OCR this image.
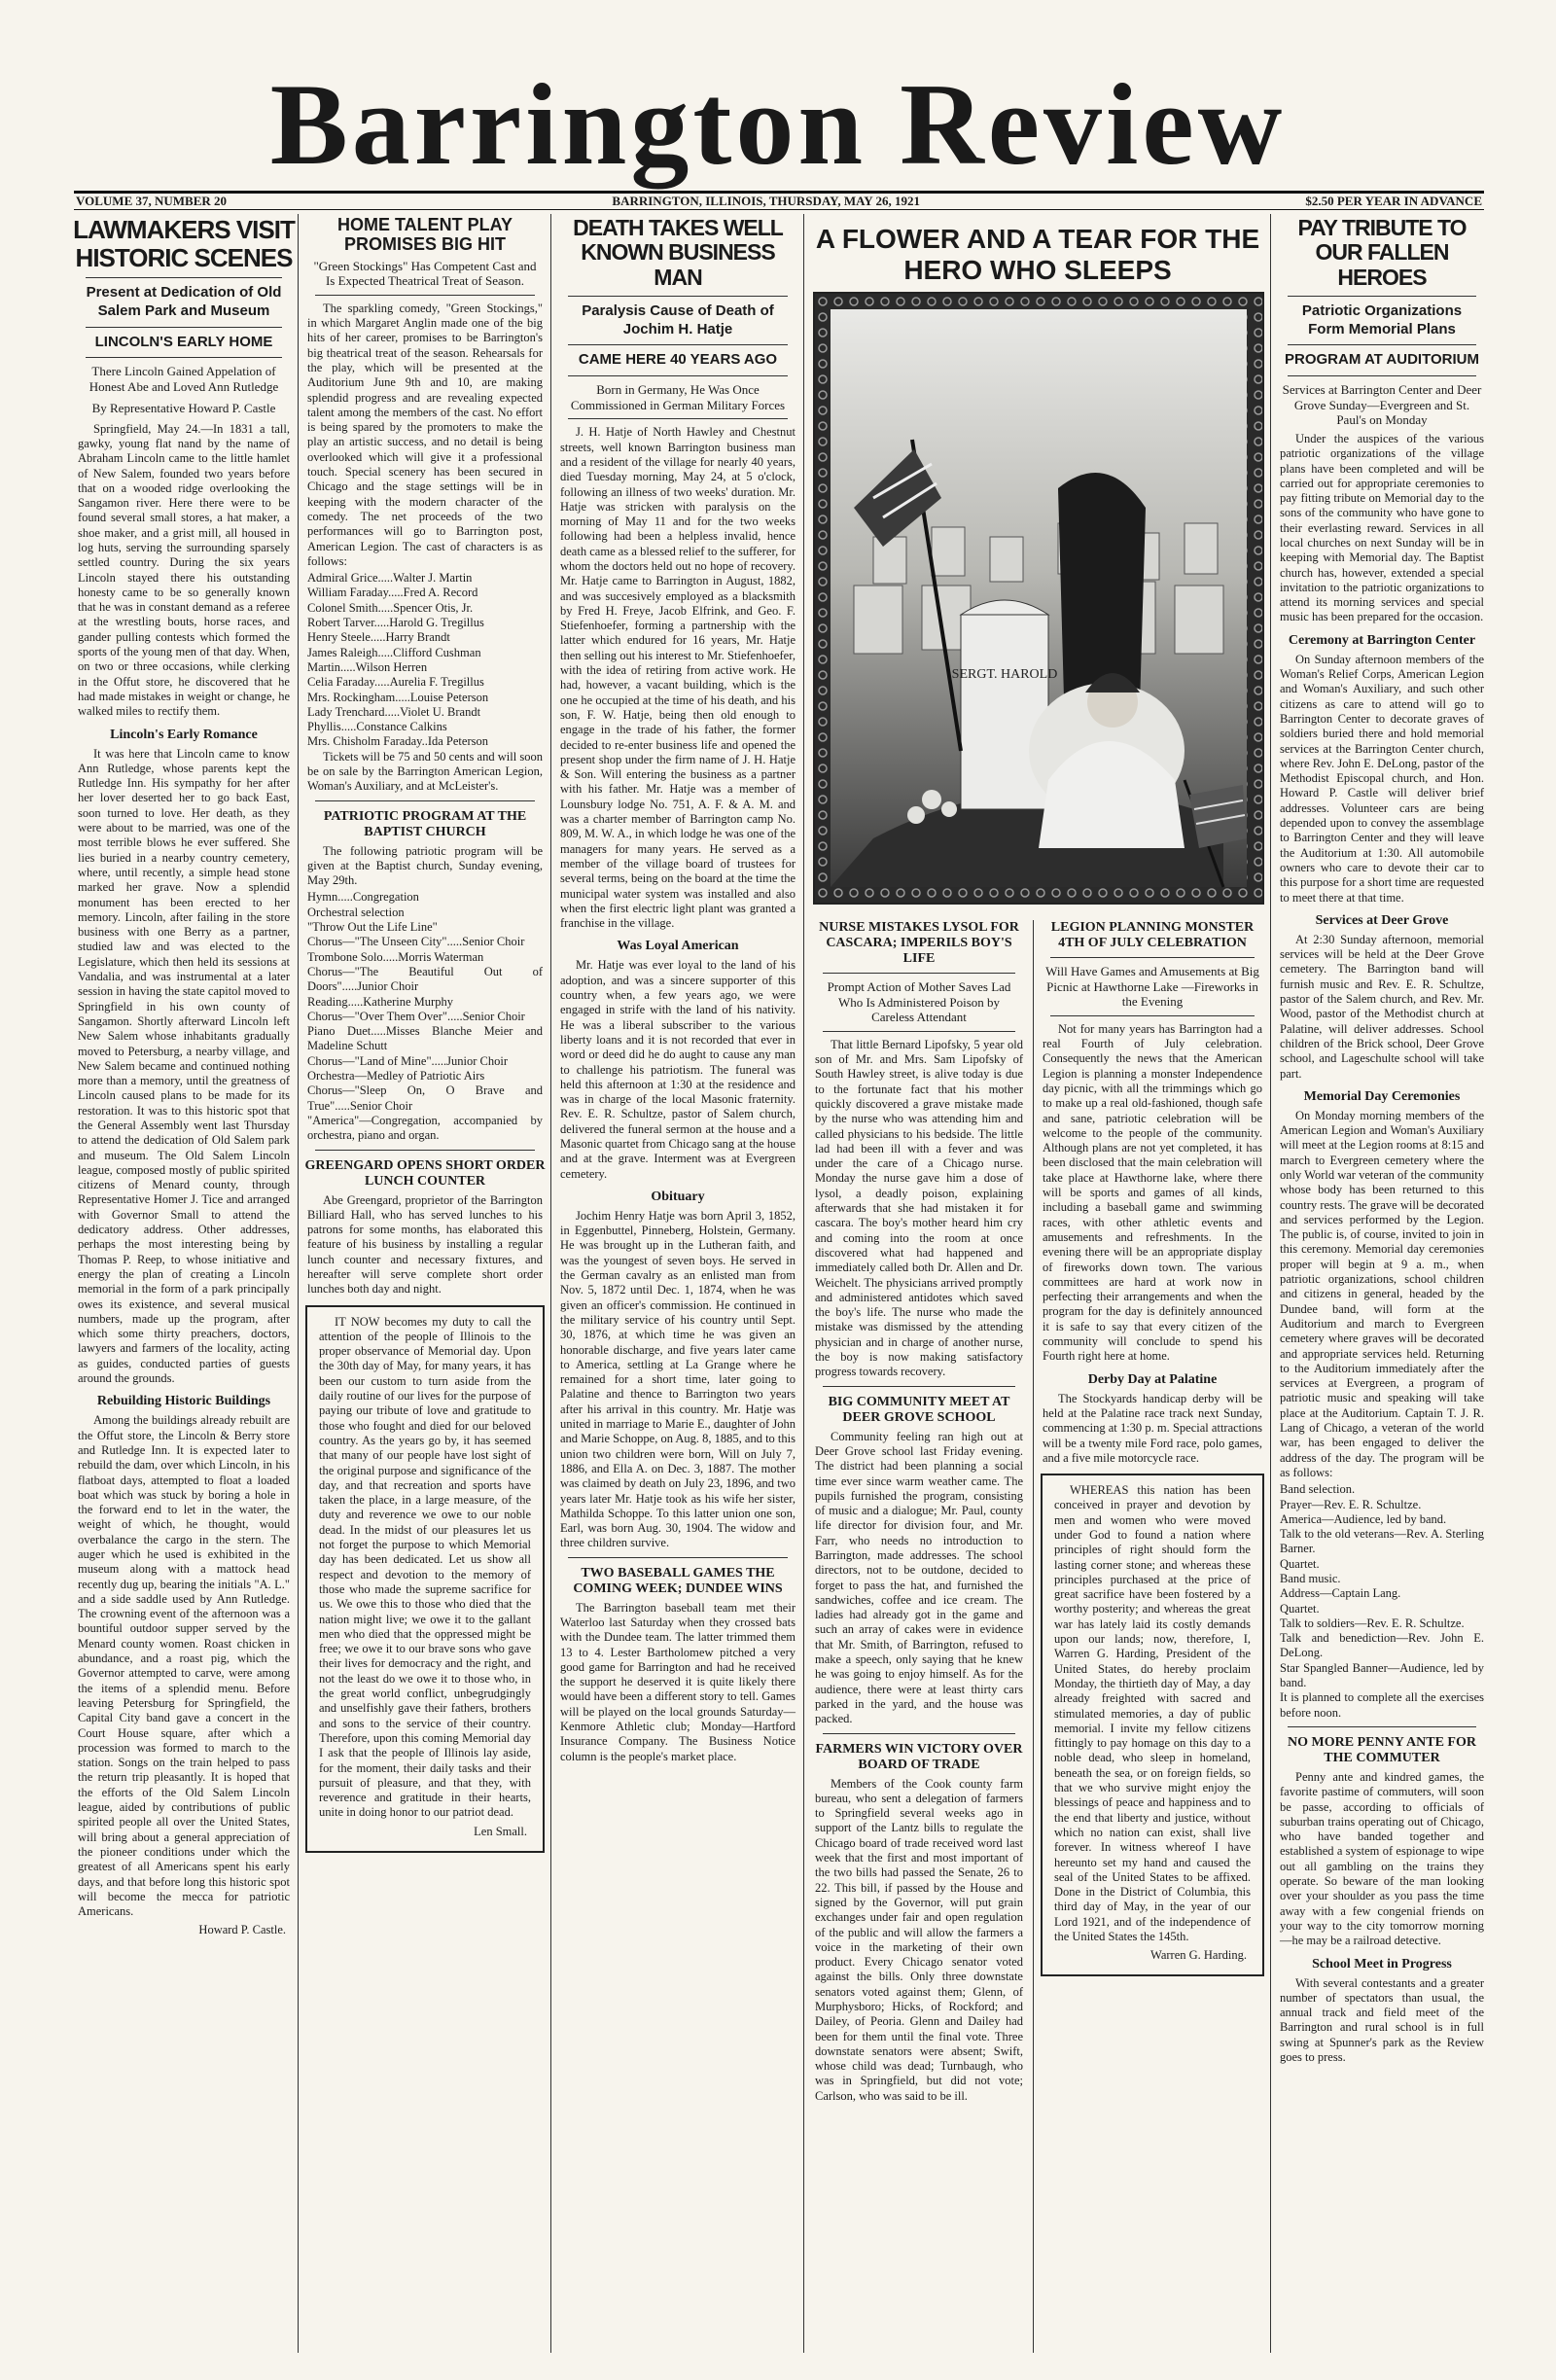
Barrington Review
VOLUME 37, NUMBER 20	BARRINGTON, ILLINOIS, THURSDAY, MAY 26, 1921	$2.50 PER YEAR IN ADVANCE
LAWMAKERS VISIT HISTORIC SCENES
Present at Dedication of Old Salem Park and Museum
LINCOLN'S EARLY HOME
There Lincoln Gained Appelation of Honest Abe and Loved Ann Rutledge
By Representative Howard P. Castle

Springfield, May 24.—In 1831 a tall, gawky, young flat nand by the name of Abraham Lincoln came to the little hamlet of New Salem, founded two years before that on a wooded ridge overlooking the Sangamon river. Here there were to be found several small stores, a hat maker, a shoe maker, and a grist mill, all housed in log huts, serving the surrounding sparsely settled country. During the six years Lincoln stayed there his outstanding honesty came to be so generally known that he was in constant demand as a referee at the wrestling bouts, horse races, and gander pulling contests which formed the sports of the young men of that day. When, on two or three occasions, while clerking in the Offut store, he discovered that he had made mistakes in weight or change, he walked miles to rectify them.

Lincoln's Early Romance

It was here that Lincoln came to know Ann Rutledge, whose parents kept the Rutledge Inn. His sympathy for her after her lover deserted her to go back East, soon turned to love. Her death, as they were about to be married, was one of the most terrible blows he ever suffered. She lies buried in a nearby country cemetery, where, until recently, a simple head stone marked her grave. Now a splendid monument has been erected to her memory. Lincoln, after failing in the store business with one Berry as a partner, studied law and was elected to the Legislature, which then held its sessions at Vandalia, and was instrumental at a later session in having the state capitol moved to Springfield in his own county of Sangamon. Shortly afterward Lincoln left New Salem whose inhabitants gradually moved to Petersburg, a nearby village, and New Salem became and continued nothing more than a memory, until the greatness of Lincoln caused plans to be made for its restoration. It was to this historic spot that the General Assembly went last Thursday to attend the dedication of Old Salem park and museum. The Old Salem Lincoln league, composed mostly of public spirited citizens of Menard county, through Representative Homer J. Tice and arranged with Governor Small to attend the dedicatory address. Other addresses, perhaps the most interesting being by Thomas P. Reep, to whose initiative and energy the plan of creating a Lincoln memorial in the form of a park principally owes its existence, and several musical numbers, made up the program, after which some thirty preachers, doctors, lawyers and farmers of the locality, acting as guides, conducted parties of guests around the grounds.

Rebuilding Historic Buildings

Among the buildings already rebuilt are the Offut store, the Lincoln & Berry store and Rutledge Inn. It is expected later to rebuild the dam, over which Lincoln, in his flatboat days, attempted to float a loaded boat which was stuck by boring a hole in the forward end to let in the water, the weight of which, he thought, would overbalance the cargo in the stern. The auger which he used is exhibited in the museum along with a mattock head recently dug up, bearing the initials "A. L." and a side saddle used by Ann Rutledge. The crowning event of the afternoon was a bountiful outdoor supper served by the Menard county women. Roast chicken in abundance, and a roast pig, which the Governor attempted to carve, were among the items of a splendid menu. Before leaving Petersburg for Springfield, the Capital City band gave a concert in the Court House square, after which a procession was formed to march to the station. Songs on the train helped to pass the return trip pleasantly. It is hoped that the efforts of the Old Salem Lincoln league, aided by contributions of public spirited people all over the United States, will bring about a general appreciation of the pioneer conditions under which the greatest of all Americans spent his early days, and that before long this historic spot will become the mecca for patriotic Americans.

Howard P. Castle.
HOME TALENT PLAY PROMISES BIG HIT
"Green Stockings" Has Competent Cast and Is Expected Theatrical Treat of Season.

The sparkling comedy, "Green Stockings," in which Margaret Anglin made one of the big hits of her career, promises to be Barrington's big theatrical treat of the season. Rehearsals for the play, which will be presented at the Auditorium June 9th and 10, are making splendid progress and are revealing expected talent among the members of the cast. No effort is being spared by the promoters to make the play an artistic success, and no detail is being overlooked which will give it a professional touch. Special scenery has been secured in Chicago and the stage settings will be in keeping with the modern character of the comedy. The net proceeds of the two performances will go to Barrington post, American Legion. The cast of characters is as follows:

Admiral Grice.....Walter J. Martin
William Faraday.....Fred A. Record
Colonel Smith.....Spencer Otis, Jr.
Robert Tarver.....Harold G. Tregillus
Henry Steele.....Harry Brandt
James Raleigh.....Clifford Cushman
Martin.....Wilson Herren
Celia Faraday.....Aurelia F. Tregillus
Mrs. Rockingham.....Louise Peterson
Lady Trenchard.....Violet U. Brandt
Phyllis.....Constance Calkins
Mrs. Chisholm Faraday..Ida Peterson

Tickets will be 75 and 50 cents and will soon be on sale by the Barrington American Legion, Woman's Auxiliary, and at McLeister's.

PATRIOTIC PROGRAM AT THE BAPTIST CHURCH

The following patriotic program will be given at the Baptist church, Sunday evening, May 29th.

Hymn.....Congregation
Orchestral selection
"Throw Out the Life Line"
Chorus—"The Unseen City".....Senior Choir
Trombone Solo.....Morris Waterman
Chorus—"The Beautiful Out of Doors".....Junior Choir
Reading.....Katherine Murphy
Chorus—"Over Them Over".....Senior Choir
Piano Duet.....Misses Blanche Meier and Madeline Schutt
Chorus—"Land of Mine".....Junior Choir
Orchestra—Medley of Patriotic Airs
Chorus—"Sleep On, O Brave and True".....Senior Choir
"America"—Congregation, accompanied by orchestra, piano and organ.
GREENGARD OPENS SHORT ORDER LUNCH COUNTER

Abe Greengard, proprietor of the Barrington Billiard Hall, who has served lunches to his patrons for some months, has elaborated this feature of his business by installing a regular lunch counter and necessary fixtures, and hereafter will serve complete short order lunches both day and night.

IT NOW becomes my duty to call the attention of the people of Illinois to the proper observance of Memorial day. Upon the 30th day of May, for many years, it has been our custom to turn aside from the daily routine of our lives for the purpose of paying our tribute of love and gratitude to those who fought and died for our beloved country. As the years go by, it has seemed that many of our people have lost sight of the original purpose and significance of the day, and that recreation and sports have taken the place, in a large measure, of the duty and reverence we owe to our noble dead. In the midst of our pleasures let us not forget the purpose to which Memorial day has been dedicated. Let us show all respect and devotion to the memory of those who made the supreme sacrifice for us. We owe this to those who died that the nation might live; we owe it to the gallant men who died that the oppressed might be free; we owe it to our brave sons who gave their lives for democracy and the right, and not the least do we owe it to those who, in the great world conflict, unbegrudgingly and unselfishly gave their fathers, brothers and sons to the service of their country. Therefore, upon this coming Memorial day I ask that the people of Illinois lay aside, for the moment, their daily tasks and their pursuit of pleasure, and that they, with reverence and gratitude in their hearts, unite in doing honor to our patriot dead.

Len Small.
DEATH TAKES WELL KNOWN BUSINESS MAN
Paralysis Cause of Death of Jochim H. Hatje
CAME HERE 40 YEARS AGO
Born in Germany, He Was Once Commissioned in German Military Forces

J. H. Hatje of North Hawley and Chestnut streets, well known Barrington business man and a resident of the village for nearly 40 years, died Tuesday morning, May 24, at 5 o'clock, following an illness of two weeks' duration. Mr. Hatje was stricken with paralysis on the morning of May 11 and for the two weeks following had been a helpless invalid, hence death came as a blessed relief to the sufferer, for whom the doctors held out no hope of recovery. Mr. Hatje came to Barrington in August, 1882, and was succesively employed as a blacksmith by Fred H. Freye, Jacob Elfrink, and Geo. F. Stiefenhoefer, forming a partnership with the latter which endured for 16 years, Mr. Hatje then selling out his interest to Mr. Stiefenhoefer, with the idea of retiring from active work. He had, however, a vacant building, which is the one he occupied at the time of his death, and his son, F. W. Hatje, being then old enough to engage in the trade of his father, the former decided to re-enter business life and opened the present shop under the firm name of J. H. Hatje & Son. Will entering the business as a partner with his father. Mr. Hatje was a member of Lounsbury lodge No. 751, A. F. & A. M. and was a charter member of Barrington camp No. 809, M. W. A., in which lodge he was one of the managers for many years. He served as a member of the village board of trustees for several terms, being on the board at the time the municipal water system was installed and also when the first electric light plant was granted a franchise in the village.

Was Loyal American

Mr. Hatje was ever loyal to the land of his adoption, and was a sincere supporter of this country when, a few years ago, we were engaged in strife with the land of his nativity. He was a liberal subscriber to the various liberty loans and it is not recorded that ever in word or deed did he do aught to cause any man to challenge his patriotism. The funeral was held this afternoon at 1:30 at the residence and was in charge of the local Masonic fraternity. Rev. E. R. Schultze, pastor of Salem church, delivered the funeral sermon at the house and a Masonic quartet from Chicago sang at the house and at the grave. Interment was at Evergreen cemetery.

Obituary

Jochim Henry Hatje was born April 3, 1852, in Eggenbuttel, Pinneberg, Holstein, Germany. He was brought up in the Lutheran faith, and was the youngest of seven boys. He served in the German cavalry as an enlisted man from Nov. 5, 1872 until Dec. 1, 1874, when he was given an officer's commission. He continued in the military service of his country until Sept. 30, 1876, at which time he was given an honorable discharge, and five years later came to America, settling at La Grange where he remained for a short time, later going to Palatine and thence to Barrington two years after his arrival in this country. Mr. Hatje was united in marriage to Marie E., daughter of John and Marie Schoppe, on Aug. 8, 1885, and to this union two children were born, Will on July 7, 1886, and Ella A. on Dec. 3, 1887. The mother was claimed by death on July 23, 1896, and two years later Mr. Hatje took as his wife her sister, Mathilda Schoppe. To this latter union one son, Earl, was born Aug. 30, 1904. The widow and three children survive.

TWO BASEBALL GAMES THE COMING WEEK; DUNDEE WINS

The Barrington baseball team met their Waterloo last Saturday when they crossed bats with the Dundee team. The latter trimmed them 13 to 4. Lester Bartholomew pitched a very good game for Barrington and had he received the support he deserved it is quite likely there would have been a different story to tell. Games will be played on the local grounds Saturday—Kenmore Athletic club; Monday—Hartford Insurance Company. The Business Notice column is the people's market place.

A FLOWER AND A TEAR FOR THE HERO WHO SLEEPS
SERGT. HAROLD
NURSE MISTAKES LYSOL FOR CASCARA; IMPERILS BOY'S LIFE
Prompt Action of Mother Saves Lad Who Is Administered Poison by Careless Attendant

That little Bernard Lipofsky, 5 year old son of Mr. and Mrs. Sam Lipofsky of South Hawley street, is alive today is due to the fortunate fact that his mother quickly discovered a grave mistake made by the nurse who was attending him and called physicians to his bedside. The little lad had been ill with a fever and was under the care of a Chicago nurse. Monday the nurse gave him a dose of lysol, a deadly poison, explaining afterwards that she had mistaken it for cascara. The boy's mother heard him cry and coming into the room at once discovered what had happened and immediately called both Dr. Allen and Dr. Weichelt. The physicians arrived promptly and administered antidotes which saved the boy's life. The nurse who made the mistake was dismissed by the attending physician and in charge of another nurse, the boy is now making satisfactory progress towards recovery.

BIG COMMUNITY MEET AT DEER GROVE SCHOOL

Community feeling ran high out at Deer Grove school last Friday evening. The district had been planning a social time ever since warm weather came. The pupils furnished the program, consisting of music and a dialogue; Mr. Paul, county life director for division four, and Mr. Farr, who needs no introduction to Barrington, made addresses. The school directors, not to be outdone, decided to forget to pass the hat, and furnished the sandwiches, coffee and ice cream. The ladies had already got in the game and such an array of cakes were in evidence that Mr. Smith, of Barrington, refused to make a speech, only saying that he knew he was going to enjoy himself. As for the audience, there were at least thirty cars parked in the yard, and the house was packed.

FARMERS WIN VICTORY OVER BOARD OF TRADE

Members of the Cook county farm bureau, who sent a delegation of farmers to Springfield several weeks ago in support of the Lantz bills to regulate the Chicago board of trade received word last week that the first and most important of the two bills had passed the Senate, 26 to 22. This bill, if passed by the House and signed by the Governor, will put grain exchanges under fair and open regulation of the public and will allow the farmers a voice in the marketing of their own product. Every Chicago senator voted against the bills. Only three downstate senators voted against them; Glenn, of Murphysboro; Hicks, of Rockford; and Dailey, of Peoria. Glenn and Dailey had been for them until the final vote. Three downstate senators were absent; Swift, whose child was dead; Turnbaugh, who was in Springfield, but did not vote; Carlson, who was said to be ill.

LEGION PLANNING MONSTER 4TH OF JULY CELEBRATION
Will Have Games and Amusements at Big Picnic at Hawthorne Lake —Fireworks in the Evening

Not for many years has Barrington had a real Fourth of July celebration. Consequently the news that the American Legion is planning a monster Independence day picnic, with all the trimmings which go to make up a real old-fashioned, though safe and sane, patriotic celebration will be welcome to the people of the community. Although plans are not yet completed, it has been disclosed that the main celebration will take place at Hawthorne lake, where there will be sports and games of all kinds, including a baseball game and swimming races, with other athletic events and amusements and refreshments. In the evening there will be an appropriate display of fireworks down town. The various committees are hard at work now in perfecting their arrangements and when the program for the day is definitely announced it is safe to say that every citizen of the community will conclude to spend his Fourth right here at home.

Derby Day at Palatine

The Stockyards handicap derby will be held at the Palatine race track next Sunday, commencing at 1:30 p. m. Special attractions will be a twenty mile Ford race, polo games, and a five mile motorcycle race.

WHEREAS this nation has been conceived in prayer and devotion by men and women who were moved under God to found a nation where principles of right should form the lasting corner stone; and whereas these principles purchased at the price of great sacrifice have been fostered by a worthy posterity; and whereas the great war has lately laid its costly demands upon our lands; now, therefore, I, Warren G. Harding, President of the United States, do hereby proclaim Monday, the thirtieth day of May, a day already freighted with sacred and stimulated memories, a day of public memorial. I invite my fellow citizens fittingly to pay homage on this day to a noble dead, who sleep in homeland, beneath the sea, or on foreign fields, so that we who survive might enjoy the blessings of peace and happiness and to the end that liberty and justice, without which no nation can exist, shall live forever. In witness whereof I have hereunto set my hand and caused the seal of the United States to be affixed. Done in the District of Columbia, this third day of May, in the year of our Lord 1921, and of the independence of the United States the 145th.

Warren G. Harding.
PAY TRIBUTE TO OUR FALLEN HEROES
Patriotic Organizations Form Memorial Plans
PROGRAM AT AUDITORIUM
Services at Barrington Center and Deer Grove Sunday—Evergreen and St. Paul's on Monday

Under the auspices of the various patriotic organizations of the village plans have been completed and will be carried out for appropriate ceremonies to pay fitting tribute on Memorial day to the sons of the community who have gone to their everlasting reward. Services in all local churches on next Sunday will be in keeping with Memorial day. The Baptist church has, however, extended a special invitation to the patriotic organizations to attend its morning services and special music has been prepared for the occasion.

Ceremony at Barrington Center

On Sunday afternoon members of the Woman's Relief Corps, American Legion and Woman's Auxiliary, and such other citizens as care to attend will go to Barrington Center to decorate graves of soldiers buried there and hold memorial services at the Barrington Center church, where Rev. John E. DeLong, pastor of the Methodist Episcopal church, and Hon. Howard P. Castle will deliver brief addresses. Volunteer cars are being depended upon to convey the assemblage to Barrington Center and they will leave the Auditorium at 1:30. All automobile owners who care to devote their car to this purpose for a short time are requested to meet there at that time.

Services at Deer Grove

At 2:30 Sunday afternoon, memorial services will be held at the Deer Grove cemetery. The Barrington band will furnish music and Rev. E. R. Schultze, pastor of the Salem church, and Rev. Mr. Wood, pastor of the Methodist church at Palatine, will deliver addresses. School children of the Brick school, Deer Grove school, and Lageschulte school will take part.

Memorial Day Ceremonies

On Monday morning members of the American Legion and Woman's Auxiliary will meet at the Legion rooms at 8:15 and march to Evergreen cemetery where the only World war veteran of the community whose body has been returned to this country rests. The grave will be decorated and services performed by the Legion. The public is, of course, invited to join in this ceremony. Memorial day ceremonies proper will begin at 9 a. m., when patriotic organizations, school children and citizens in general, headed by the Dundee band, will form at the Auditorium and march to Evergreen cemetery where graves will be decorated and appropriate services held. Returning to the Auditorium immediately after the services at Evergreen, a program of patriotic music and speaking will take place at the Auditorium. Captain T. J. R. Lang of Chicago, a veteran of the world war, has been engaged to deliver the address of the day. The program will be as follows:

Band selection.
Prayer—Rev. E. R. Schultze.
America—Audience, led by band.
Talk to the old veterans—Rev. A. Sterling Barner.
Quartet.
Band music.
Address—Captain Lang.
Quartet.
Talk to soldiers—Rev. E. R. Schultze.
Talk and benediction—Rev. John E. DeLong.
Star Spangled Banner—Audience, led by band.
It is planned to complete all the exercises before noon.
NO MORE PENNY ANTE FOR THE COMMUTER

Penny ante and kindred games, the favorite pastime of commuters, will soon be passe, according to officials of suburban trains operating out of Chicago, who have banded together and established a system of espionage to wipe out all gambling on the trains they operate. So beware of the man looking over your shoulder as you pass the time away with a few congenial friends on your way to the city tomorrow morning—he may be a railroad detective.

School Meet in Progress

With several contestants and a greater number of spectators than usual, the annual track and field meet of the Barrington and rural school is in full swing at Spunner's park as the Review goes to press.
